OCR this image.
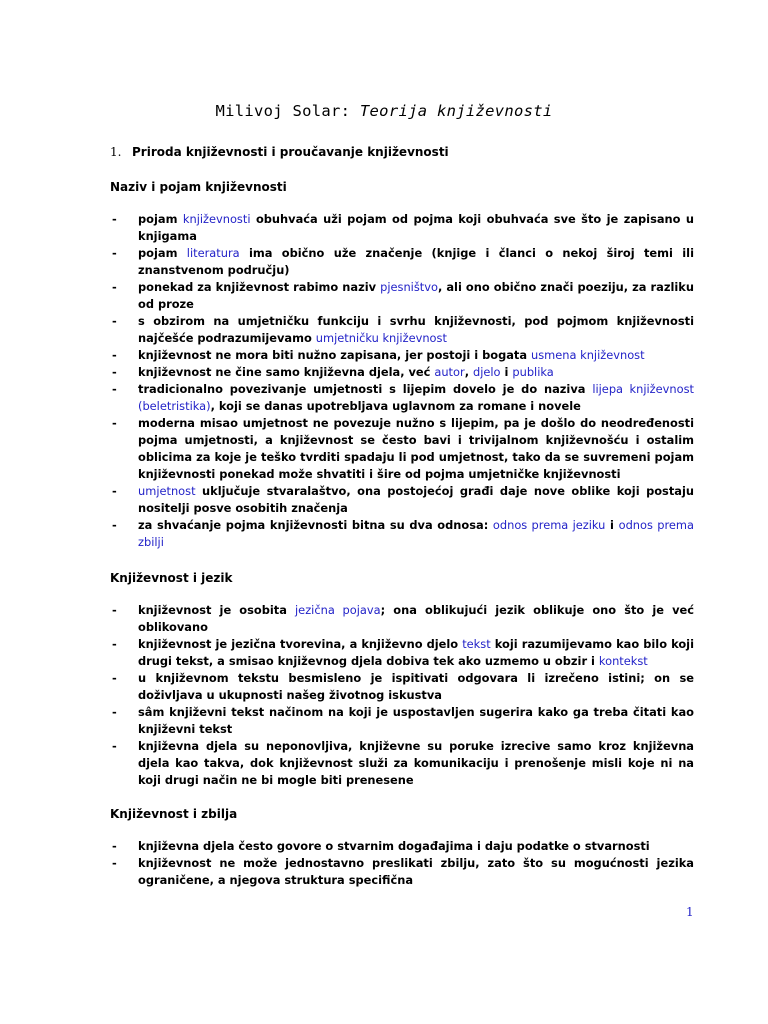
Milivoj Solar: Teorija književnosti
1. Priroda književnosti i proučavanje književnosti
Naziv i pojam književnosti
- pojam književnosti obuhvaća uži pojam od pojma koji obuhvaća sve što je zapisano u knjigama
- pojam literatura ima obično uže značenje (knjige i članci o nekoj široj temi ili znanstvenom području)
- ponekad za književnost rabimo naziv pjesništvo, ali ono obično znači poeziju, za razliku od proze
- s obzirom na umjetničku funkciju i svrhu književnosti, pod pojmom književnosti najčešće podrazumijevamo umjetničku književnost
- književnost ne mora biti nužno zapisana, jer postoji i bogata usmena književnost
- književnost ne čine samo književna djela, već autor, djelo i publika
- tradicionalno povezivanje umjetnosti s lijepim dovelo je do naziva lijepa književnost (beletristika), koji se danas upotrebljava uglavnom za romane i novele
- moderna misao umjetnost ne povezuje nužno s lijepim, pa je došlo do neodređenosti pojma umjetnosti, a književnost se često bavi i trivijalnom književnošću i ostalim oblicima za koje je teško tvrditi spadaju li pod umjetnost, tako da se suvremeni pojam književnosti ponekad može shvatiti i šire od pojma umjetničke književnosti
- umjetnost uključuje stvaralaštvo, ona postojećoj građi daje nove oblike koji postaju nositelji posve osobitih značenja
- za shvaćanje pojma književnosti bitna su dva odnosa: odnos prema jeziku i odnos prema zbilji
Književnost i jezik
- književnost je osobita jezična pojava; ona oblikujući jezik oblikuje ono što je već oblikovano
- književnost je jezična tvorevina, a književno djelo tekst koji razumijevamo kao bilo koji drugi tekst, a smisao književnog djela dobiva tek ako uzmemo u obzir i kontekst
- u književnom tekstu besmisleno je ispitivati odgovara li izrečeno istini; on se doživljava u ukupnosti našeg životnog iskustva
- sâm književni tekst načinom na koji je uspostavljen sugerira kako ga treba čitati kao književni tekst
- književna djela su neponovljiva, književne su poruke izrecive samo kroz književna djela kao takva, dok književnost služi za komunikaciju i prenošenje misli koje ni na koji drugi način ne bi mogle biti prenesene
Književnost i zbilja
- književna djela često govore o stvarnim događajima i daju podatke o stvarnosti
- književnost ne može jednostavno preslikati zbilju, zato što su mogućnosti jezika ograničene, a njegova struktura specifična
1
